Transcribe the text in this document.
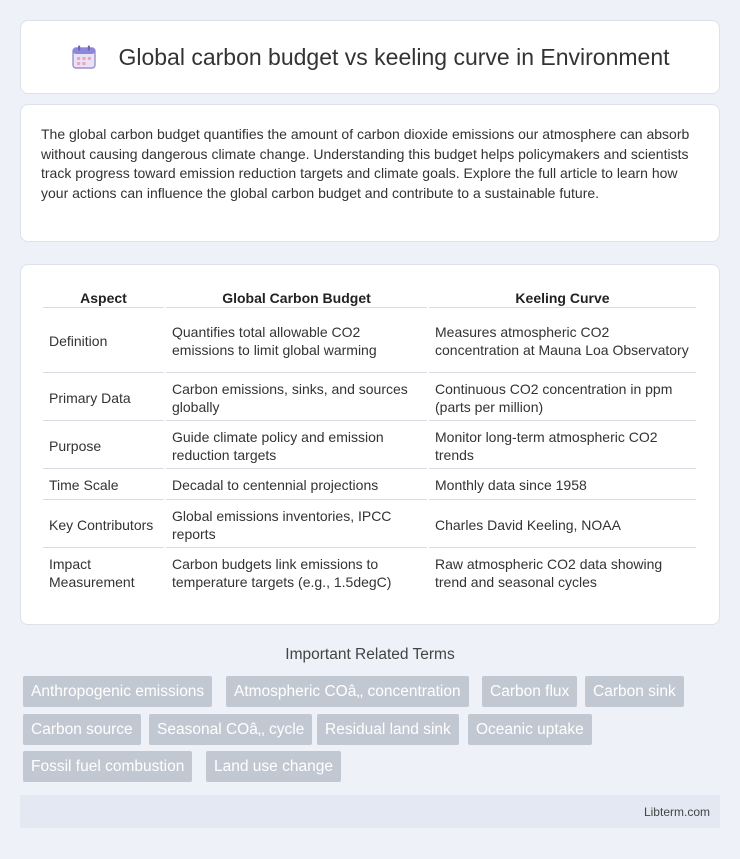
Global carbon budget vs keeling curve in Environment

The global carbon budget quantifies the amount of carbon dioxide emissions our atmosphere can absorb without causing dangerous climate change. Understanding this budget helps policymakers and scientists track progress toward emission reduction targets and climate goals. Explore the full article to learn how your actions can influence the global carbon budget and contribute to a sustainable future.

Aspect	Global Carbon Budget	Keeling Curve
Definition	Quantifies total allowable CO2 emissions to limit global warming	Measures atmospheric CO2 concentration at Mauna Loa Observatory
Primary Data	Carbon emissions, sinks, and sources globally	Continuous CO2 concentration in ppm (parts per million)
Purpose	Guide climate policy and emission reduction targets	Monitor long-term atmospheric CO2 trends
Time Scale	Decadal to centennial projections	Monthly data since 1958
Key Contributors	Global emissions inventories, IPCC reports	Charles David Keeling, NOAA
Impact Measurement	Carbon budgets link emissions to temperature targets (e.g., 1.5degC)	Raw atmospheric CO2 data showing trend and seasonal cycles
Important Related Terms
Anthropogenic emissions	Atmospheric COâ‚‚ concentration	Carbon flux	Carbon sink
Carbon source	Seasonal COâ‚‚ cycle	Residual land sink	Oceanic uptake
Fossil fuel combustion	Land use change
Libterm.com
